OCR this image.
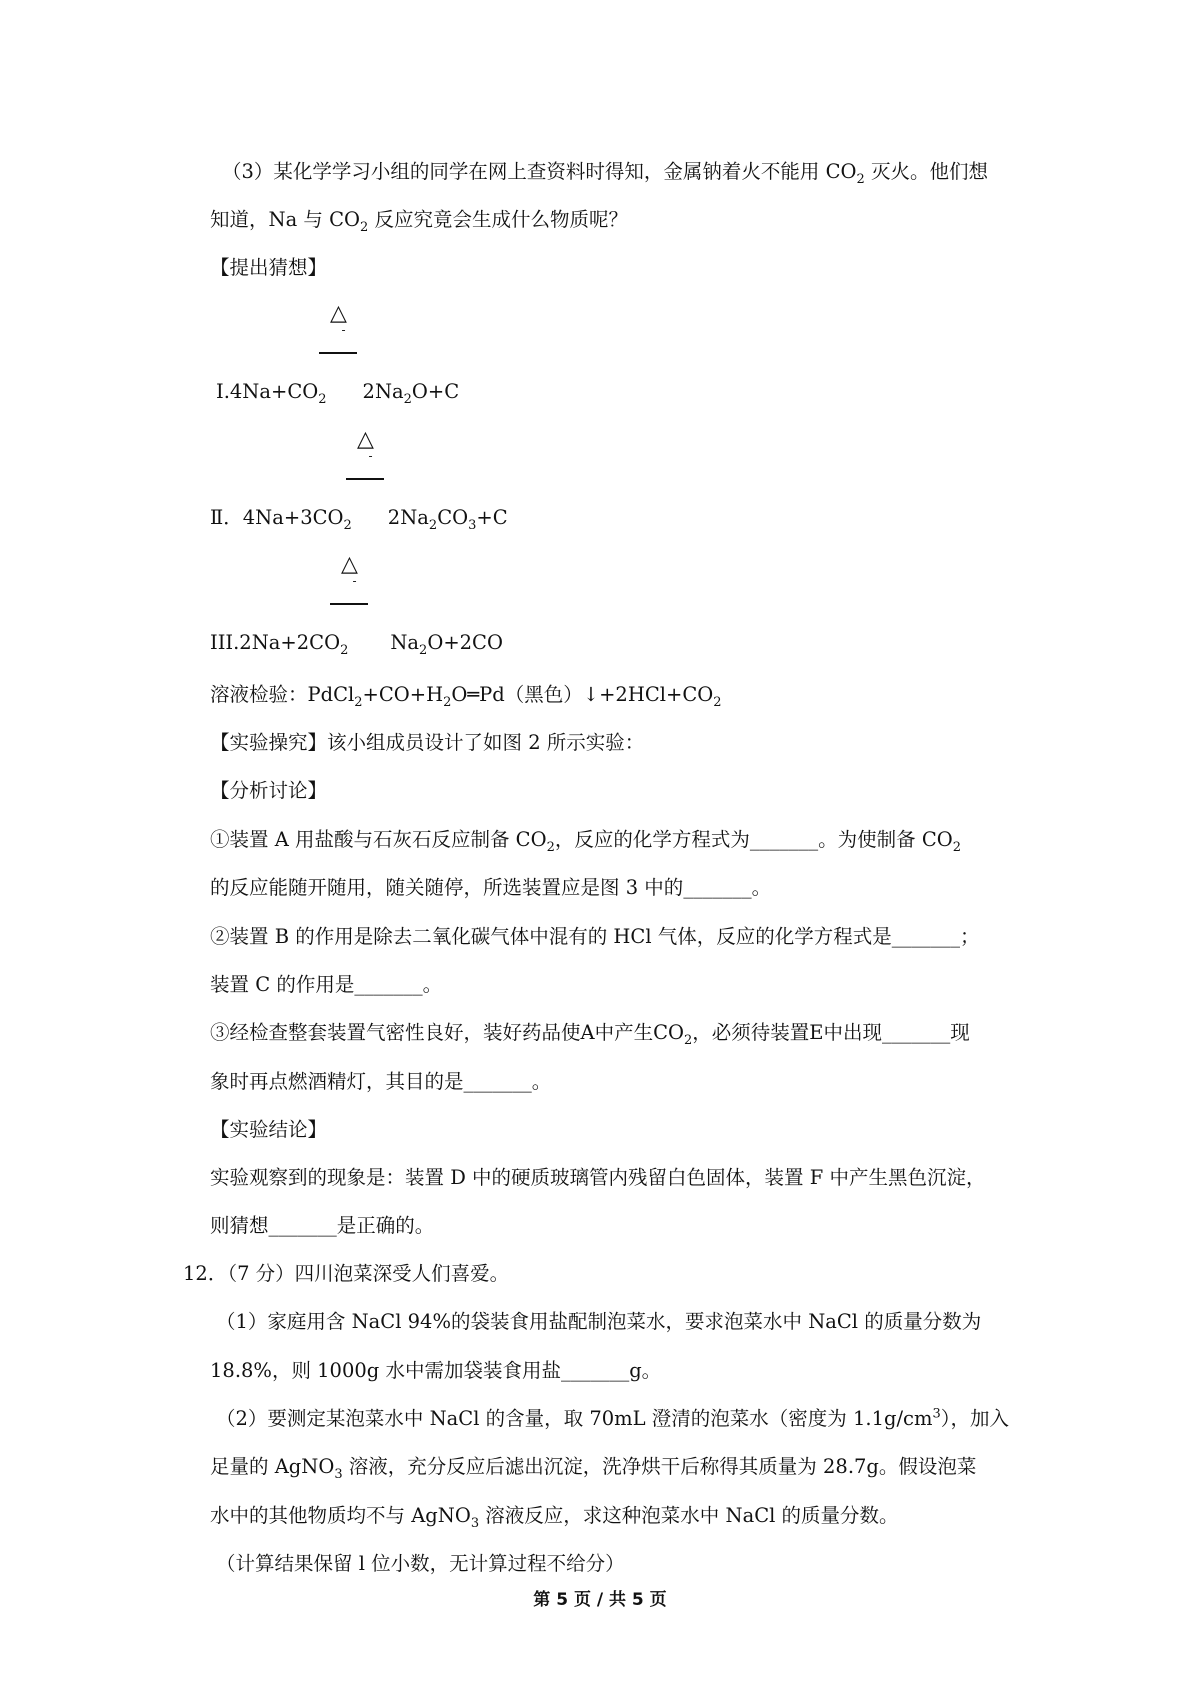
（3）某化学学习小组的同学在网上查资料时得知，金属钠着火不能用 $CO_2$ 灭火。他们想
知道，Na 与 $CO_2$ 反应究竟会生成什么物质呢？
【提出猜想】
△
-
$Ⅰ.4Na+CO_2$ $2Na_2O+C$
△
-
Ⅱ．$4Na+3CO_2$ $2Na_2CO_3+C$
△
-
$III.2Na+2CO_2$ $Na_2O+2CO$
溶液检验：$PdCl_2+CO+H_2O═Pd$（黑色）$↓+2HCl+CO_2$
【实验操究】该小组成员设计了如图 2 所示实验：
【分析讨论】
①装置 A 用盐酸与石灰石反应制备 $CO_2$，反应的化学方程式为_______。为使制备 $CO_2$
的反应能随开随用，随关随停，所选装置应是图 3 中的_______。
②装置 B 的作用是除去二氧化碳气体中混有的 HCl 气体，反应的化学方程式是_______；
装置 C 的作用是_______。
③经检查整套装置气密性良好，装好药品使A中产生$CO_2$，必须待装置E中出现_______现
象时再点燃酒精灯，其目的是_______。
【实验结论】
实验观察到的现象是：装置 D 中的硬质玻璃管内残留白色固体，装置 F 中产生黑色沉淀，
则猜想_______是正确的。
12．（7 分）四川泡菜深受人们喜爱。
（1）家庭用含 NaCl 94%的袋装食用盐配制泡菜水，要求泡菜水中 NaCl 的质量分数为
18.8%，则 1000g 水中需加袋装食用盐_______g。
（2）要测定某泡菜水中 NaCl 的含量，取 70mL 澄清的泡菜水（密度为 $1.1g/cm^3$），加入
足量的 AgNO$_3$ 溶液，充分反应后滤出沉淀，洗净烘干后称得其质量为 28.7g。假设泡菜
水中的其他物质均不与 AgNO$_3$ 溶液反应，求这种泡菜水中 NaCl 的质量分数。
（计算结果保留 l 位小数，无计算过程不给分）
第 5 页 / 共 5 页
